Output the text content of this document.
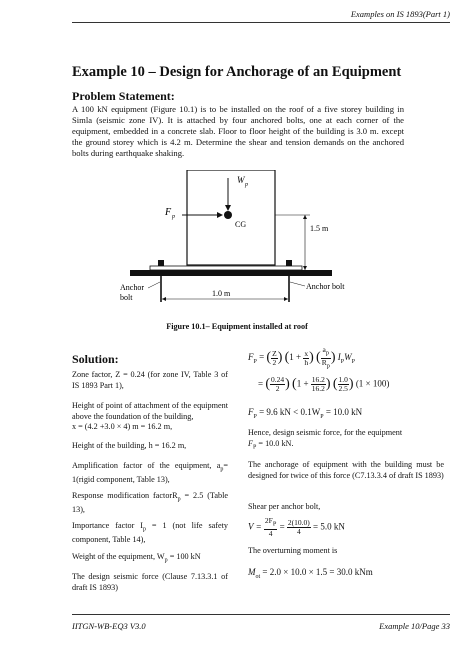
Examples on IS 1893(Part 1)
Example 10 – Design for Anchorage of an Equipment
Problem Statement:
A 100 kN equipment (Figure 10.1) is to be installed on the roof of a five storey building in Simla (seismic zone IV). It is attached by four anchored bolts, one at each corner of the equipment, embedded in a concrete slab. Floor to floor height of the building is 3.0 m. except the ground storey which is 4.2 m. Determine the shear and tension demands on the anchored bolts during earthquake shaking.
W p
F p
CG	1.5 m
1.0 m
Anchor
bolt
Anchor bolt
Figure 10.1– Equipment installed at roof
Solution:
Zone factor, Z = 0.24 (for zone IV, Table 3 of IS 1893 Part 1),
Height of point of attachment of the equipment above the foundation of the building,
x = (4.2 +3.0 × 4) m = 16.2 m,
Height of the building, h = 16.2 m,
Amplification factor of the equipment, $a_p=$ 1(rigid component, Table 13),
Response modification factorR$_p$ = 2.5 (Table 13),
Importance factor $I_p = 1$ (not life safety component, Table 14),
Weight of the equipment, $W_p = 100$ kN
The design seismic force (Clause 7.13.3.1 of draft IS 1893)
$F_P$ = ( $\frac{Z}{2}$ ) ($1 + \frac{x}{h}$ ) ( $\frac{a_p}{R_p}$ ) $I_PW_P$
= ( $\frac{0.24}{2}$ ) ($1 + \frac{16.2}{16.2}$ ) ( $\frac{1.0}{2.5}$ ) (1 × 100)
$F_P = 9.6$ kN < $0.1W_P = 10.0$ kN
Hence, design seismic force, for the equipment
$F_P = 10.0$ kN.
The anchorage of equipment with the building must be designed for twice of this force (C7.13.3.4 of draft IS 1893)
Shear per anchor bolt,
$V = \frac{2F_P}{4} = \frac{2(10.0)}{4} = 5.0$ kN
The overturning moment is
$M_{ot} = 2.0 \times 10.0 \times 1.5 = 30.0$ kNm
IITGN-WB-EQ3 V3.0	Example 10/Page 33
